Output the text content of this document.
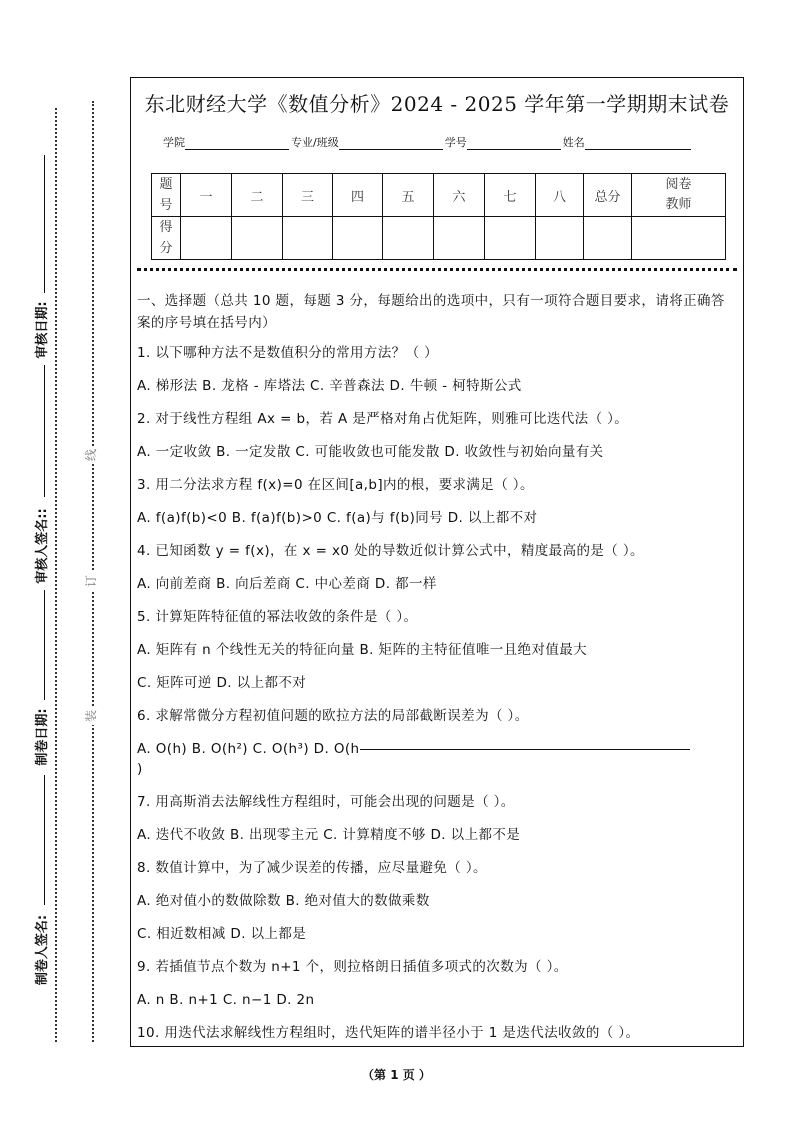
线
订
装
审核日期:
审核人签名::
制卷日期:
制卷人签名:
东北财经大学《数值分析》2024 - 2025 学年第一学期期末试卷
学院	专业/班级	学号	姓名
题
号	一	二	三	四	五	六	七	八	总分	阅卷
教师
得
分										
一、选择题（总共 10 题，每题 3 分，每题给出的选项中，只有一项符合题目要求，请将正确答案的序号填在括号内）
1. 以下哪种方法不是数值积分的常用方法？（ ）
A. 梯形法 B. 龙格 - 库塔法 C. 辛普森法 D. 牛顿 - 柯特斯公式
2. 对于线性方程组 Ax = b，若 A 是严格对角占优矩阵，则雅可比迭代法（ ）。
A. 一定收敛 B. 一定发散 C. 可能收敛也可能发散 D. 收敛性与初始向量有关
3. 用二分法求方程 f(x)=0 在区间[a,b]内的根，要求满足（ ）。
A. f(a)f(b)<0 B. f(a)f(b)>0 C. f(a)与 f(b)同号 D. 以上都不对
4. 已知函数 y = f(x)，在 x = x0 处的导数近似计算公式中，精度最高的是（ ）。
A. 向前差商 B. 向后差商 C. 中心差商 D. 都一样
5. 计算矩阵特征值的幂法收敛的条件是（ ）。
A. 矩阵有 n 个线性无关的特征向量 B. 矩阵的主特征值唯一且绝对值最大
C. 矩阵可逆 D. 以上都不对
6. 求解常微分方程初值问题的欧拉方法的局部截断误差为（ ）。
A. O(h) B. O(h²) C. O(h³) D. O(h
)
7. 用高斯消去法解线性方程组时，可能会出现的问题是（ ）。
A. 迭代不收敛 B. 出现零主元 C. 计算精度不够 D. 以上都不是
8. 数值计算中，为了减少误差的传播，应尽量避免（ ）。
A. 绝对值小的数做除数 B. 绝对值大的数做乘数
C. 相近数相减 D. 以上都是
9. 若插值节点个数为 n+1 个，则拉格朗日插值多项式的次数为（ ）。
A. n B. n+1 C. n−1 D. 2n
10. 用迭代法求解线性方程组时，迭代矩阵的谱半径小于 1 是迭代法收敛的（ ）。
（第 1 页 ）
